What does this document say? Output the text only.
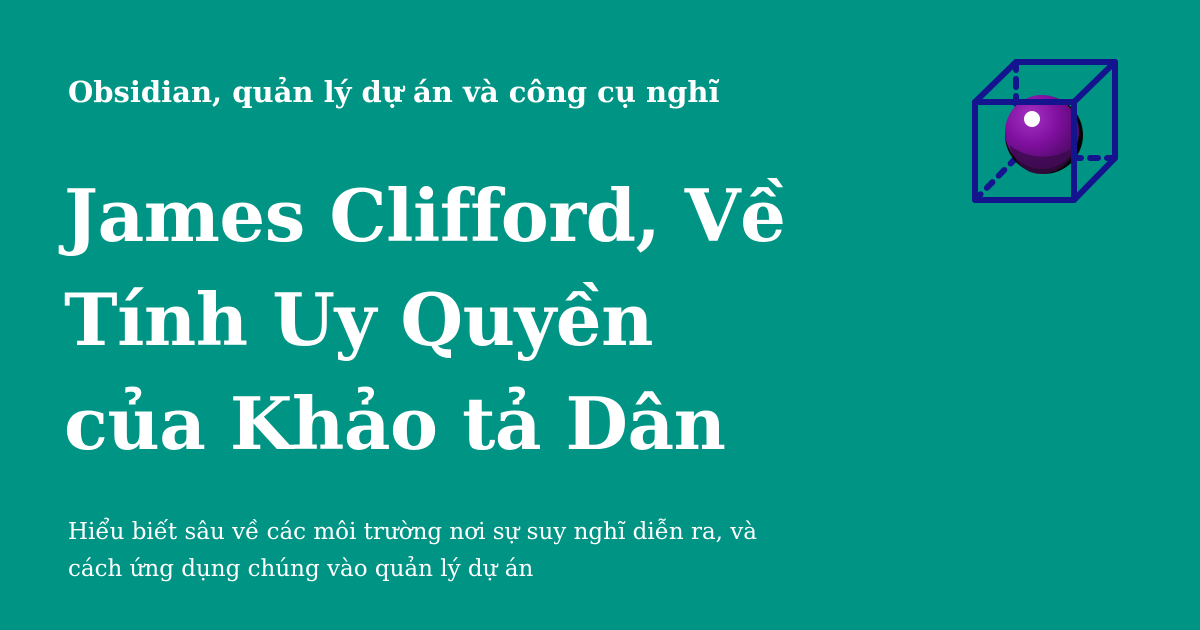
Obsidian, quản lý dự án và công cụ nghĩ
James Clifford, Về
Tính Uy Quyền
của Khảo tả Dân
Hiểu biết sâu về các môi trường nơi sự suy nghĩ diễn ra, và
cách ứng dụng chúng vào quản lý dự án
